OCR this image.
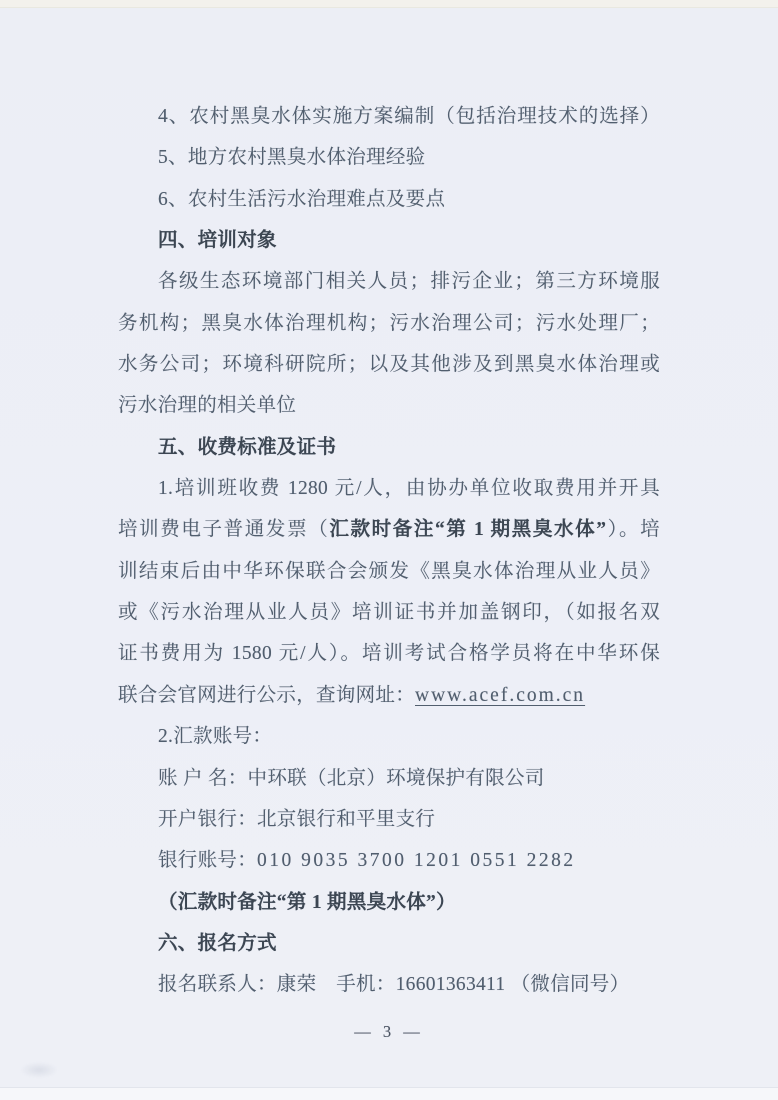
4、农村黑臭水体实施方案编制（包括治理技术的选择）
5、地方农村黑臭水体治理经验
6、农村生活污水治理难点及要点
四、培训对象
各级生态环境部门相关人员；排污企业；第三方环境服
务机构；黑臭水体治理机构；污水治理公司；污水处理厂；
水务公司；环境科研院所；以及其他涉及到黑臭水体治理或
污水治理的相关单位
五、收费标准及证书
1.培训班收费 1280 元/人，由协办单位收取费用并开具
培训费电子普通发票（汇款时备注“第 1 期黑臭水体”）。培
训结束后由中华环保联合会颁发《黑臭水体治理从业人员》
或《污水治理从业人员》培训证书并加盖钢印，（如报名双
证书费用为 1580 元/人）。培训考试合格学员将在中华环保
联合会官网进行公示，查询网址：www.acef.com.cn
2.汇款账号：
账 户 名：中环联（北京）环境保护有限公司
开户银行：北京银行和平里支行
银行账号：010 9035 3700 1201 0551 2282
（汇款时备注“第 1 期黑臭水体”）
六、报名方式
报名联系人：康荣　手机：16601363411 （微信同号）
— 3 —
